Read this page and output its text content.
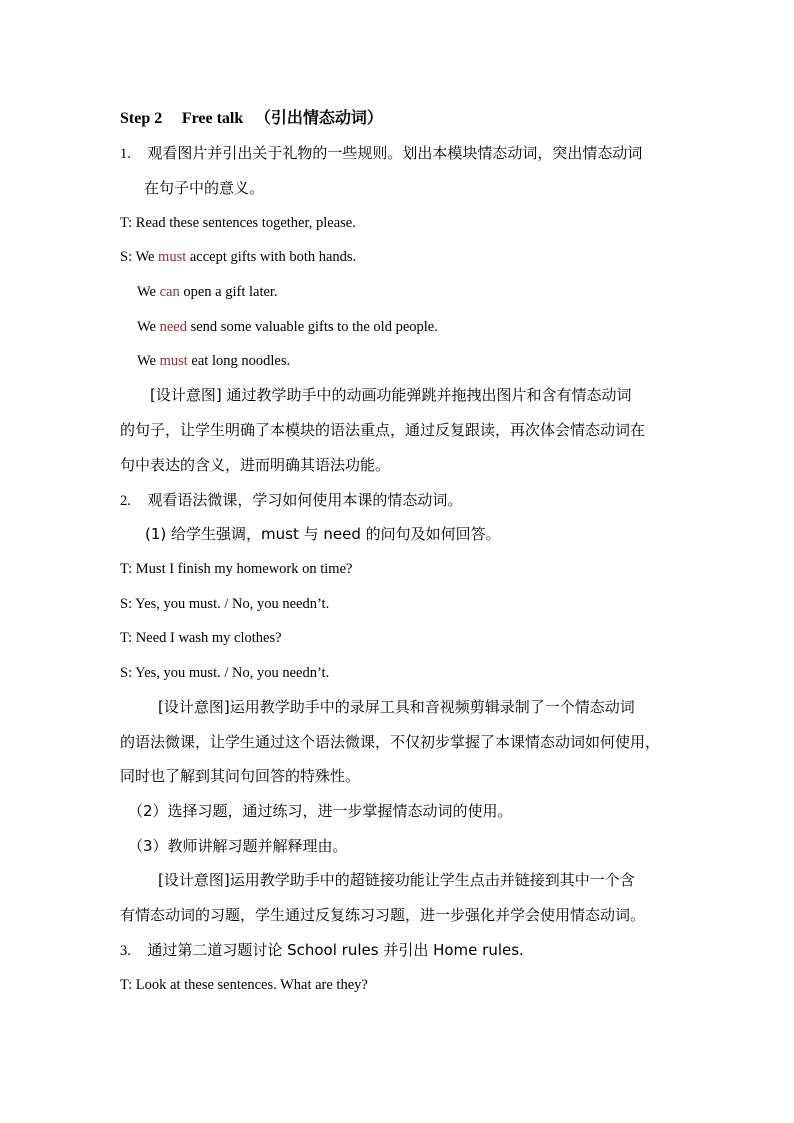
Step 2 Free talk （引出情态动词）
1. 观看图片并引出关于礼物的一些规则。划出本模块情态动词，突出情态动词
在句子中的意义。
T: Read these sentences together, please.
S: We must accept gifts with both hands.
We can open a gift later.
We need send some valuable gifts to the old people.
We must eat long noodles.
[设计意图] 通过教学助手中的动画功能弹跳并拖拽出图片和含有情态动词
的句子，让学生明确了本模块的语法重点，通过反复跟读，再次体会情态动词在
句中表达的含义，进而明确其语法功能。
2. 观看语法微课，学习如何使用本课的情态动词。
(1) 给学生强调，must 与 need 的问句及如何回答。
T: Must I finish my homework on time?
S: Yes, you must. / No, you needn’t.
T: Need I wash my clothes?
S: Yes, you must. / No, you needn’t.
[设计意图]运用教学助手中的录屏工具和音视频剪辑录制了一个情态动词
的语法微课，让学生通过这个语法微课，不仅初步掌握了本课情态动词如何使用，
同时也了解到其问句回答的特殊性。
（2）选择习题，通过练习，进一步掌握情态动词的使用。
（3）教师讲解习题并解释理由。
[设计意图]运用教学助手中的超链接功能让学生点击并链接到其中一个含
有情态动词的习题，学生通过反复练习习题，进一步强化并学会使用情态动词。
3. 通过第二道习题讨论 School rules 并引出 Home rules.
T: Look at these sentences. What are they?
